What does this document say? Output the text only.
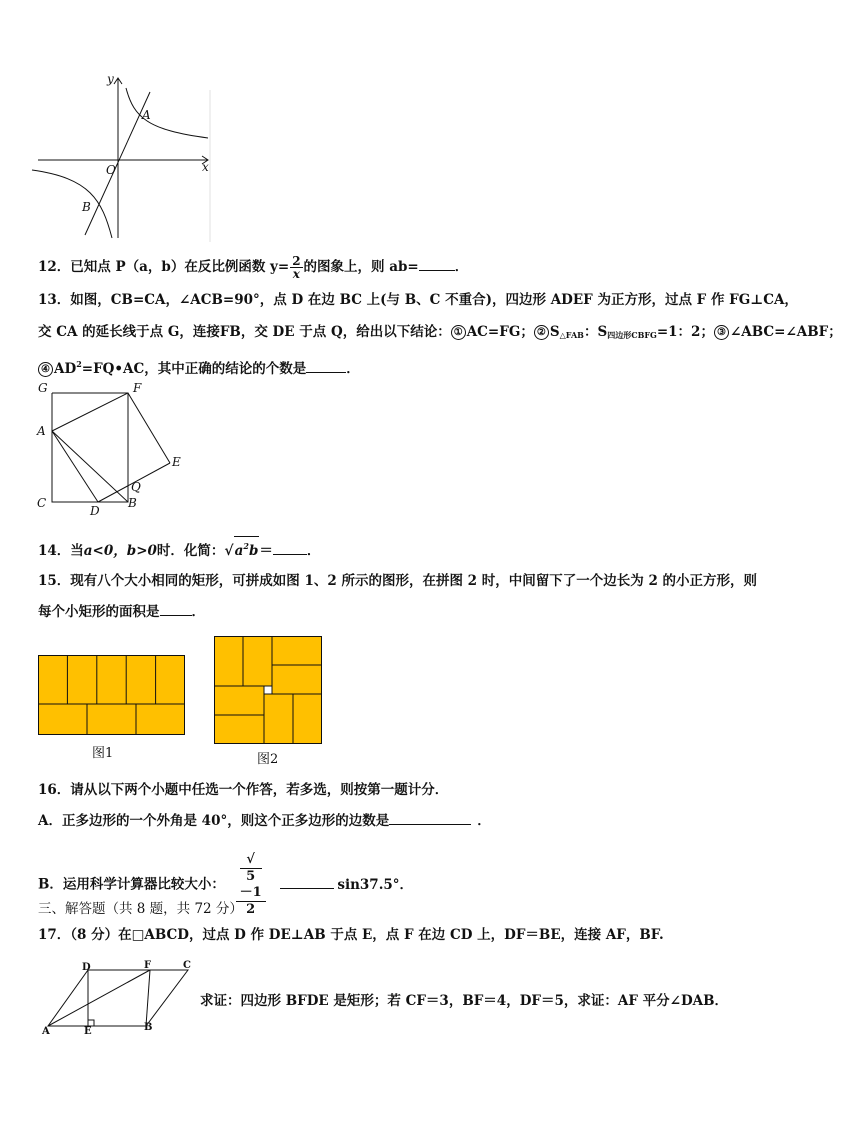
y
x
O
A
B
12．已知点 P（a，b）在反比例函数 $y= \frac{2}{x}$ 的图象上，则 ab=	．
13．如图，CB=CA，∠ACB=90°，点 D 在边 BC 上(与 B、C 不重合)，四边形 ADEF 为正方形，过点 F 作 FG⊥CA，
交 CA 的延长线于点 G，连接FB，交 DE 于点 Q，给出以下结论： ① AC=FG； ② $S_{\triangle FAB}$：$S_{四边形CBFG}=1$：2； ③ ∠ABC=∠ABF；
④ $AD^2=FQ•AC$，其中正确的结论的个数是	．
G	F
A
E
C
Q
D
B
14．当a<0，b>0时．化简：$√a^2b=$	．
15．现有八个大小相同的矩形，可拼成如图 1、2 所示的图形，在拼图 2 时，中间留下了一个边长为 2 的小正方形，则
每个小矩形的面积是 ．
图1	图2
16．请从以下两个小题中任选一个作答，若多选，则按第一题计分．
A．正多边形的一个外角是 40°，则这个正多边形的边数是	．
B．运用科学计算器比较大小： √
5
－1
2	sin37.5°．
三、解答题（共 8 题，共 72 分）
17．（8 分）在□ABCD，过点 D 作 DE⊥AB 于点 E，点 F 在边 CD 上，DF＝BE，连接 AF，BF.
D	F	C
A	E	B
求证：四边形 BFDE 是矩形；若 CF＝3，BF＝4，DF＝5，求证：AF 平分∠DAB．
